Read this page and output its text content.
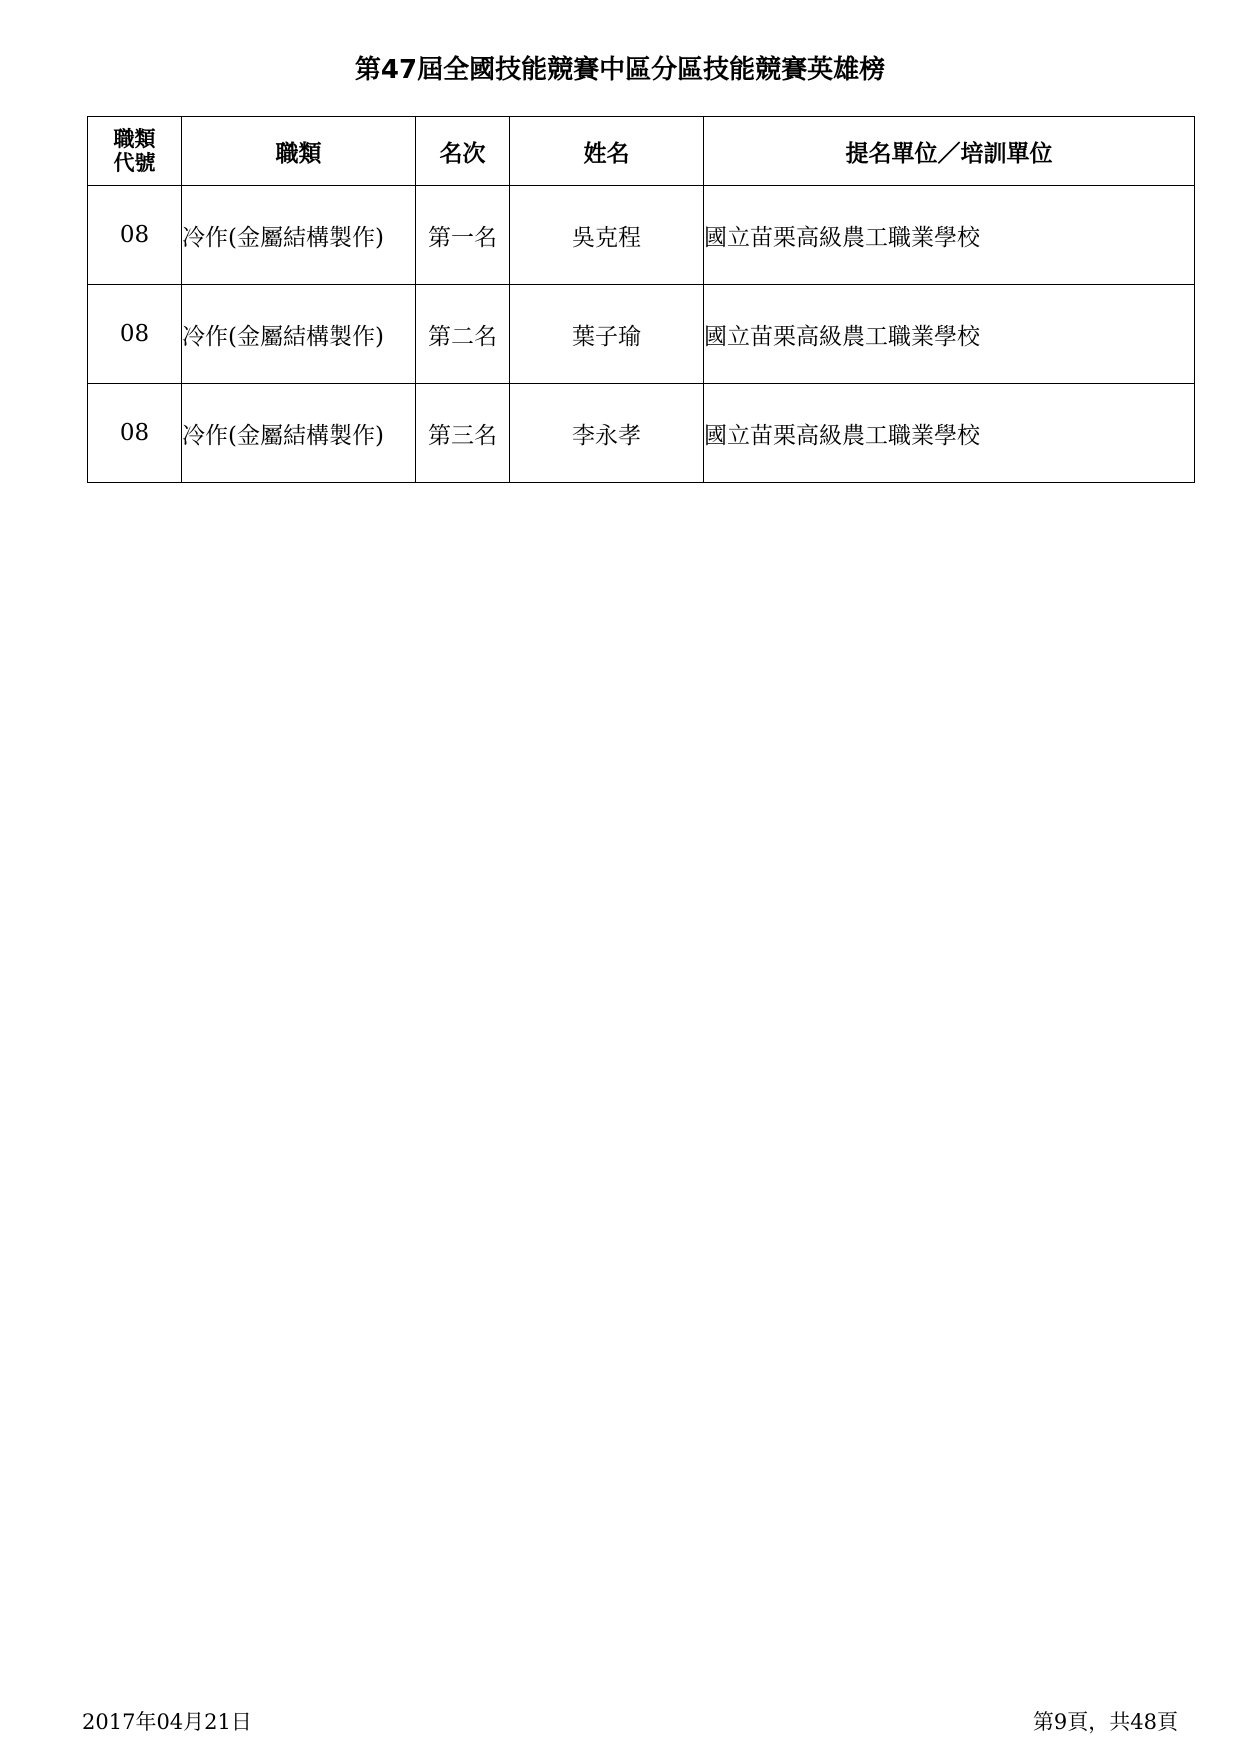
第47屆全國技能競賽中區分區技能競賽英雄榜
職類
代號	職類	名次	姓名	提名單位／培訓單位
08	冷作(金屬結構製作)	第一名	吳克程	國立苗栗高級農工職業學校
08	冷作(金屬結構製作)	第二名	葉子瑜	國立苗栗高級農工職業學校
08	冷作(金屬結構製作)	第三名	李永孝	國立苗栗高級農工職業學校
2017年04月21日	第9頁，共48頁
